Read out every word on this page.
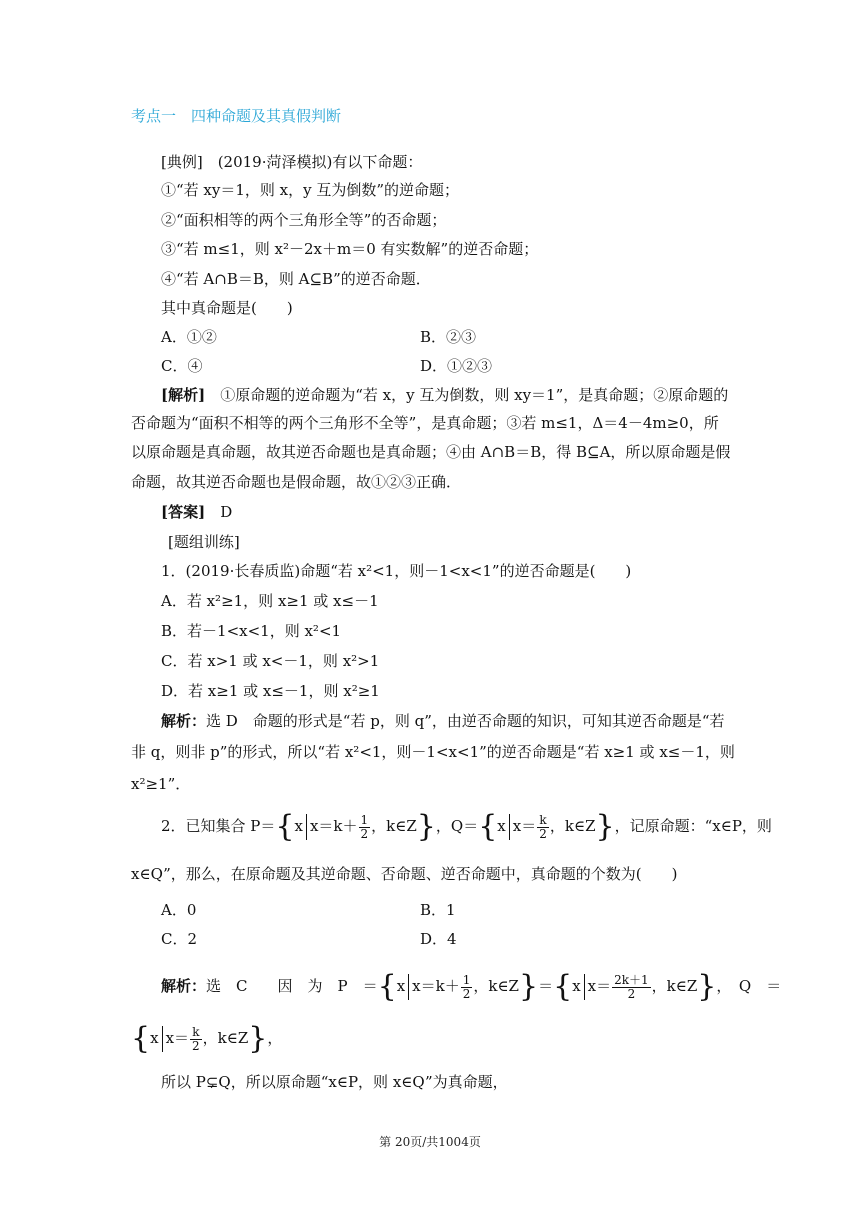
考点一　四种命题及其真假判断
[典例]　(2019·菏泽模拟)有以下命题：
①“若 xy＝1，则 x，y 互为倒数”的逆命题；
②“面积相等的两个三角形全等”的否命题；
③“若 m≤1，则 x²－2x＋m＝0 有实数解”的逆否命题；
④“若 A∩B＝B，则 A⊆B”的逆否命题．
其中真命题是(　　)
A．①②	B．②③
C．④	D．①②③
[解析]　①原命题的逆命题为“若 x，y 互为倒数，则 xy＝1”，是真命题；②原命题的
否命题为“面积不相等的两个三角形不全等”，是真命题；③若 m≤1，Δ＝4－4m≥0，所
以原命题是真命题，故其逆否命题也是真命题；④由 A∩B＝B，得 B⊆A，所以原命题是假
命题，故其逆否命题也是假命题，故①②③正确．
[答案]　D
[题组训练]
1．(2019·长春质监)命题“若 x²<1，则－1<x<1”的逆否命题是(　　)
A．若 x²≥1，则 x≥1 或 x≤－1
B．若－1<x<1，则 x²<1
C．若 x>1 或 x<－1，则 x²>1
D．若 x≥1 或 x≤－1，则 x²≥1
解析：选 D　命题的形式是“若 p，则 q”，由逆否命题的知识，可知其逆否命题是“若
非 q，则非 p”的形式，所以“若 x²<1，则－1<x<1”的逆否命题是“若 x≥1 或 x≤－1，则
x²≥1”．
2．已知集合 P＝{x $x=k+ \frac{1}{2}$ ，k∈Z}，Q＝{x $x= \frac{k}{2}$ ，k∈Z}，记原命题：“x∈P，则
x∈Q”，那么，在原命题及其逆命题、否命题、逆否命题中，真命题的个数为(　　)
A．0	B．1
C．2	D．4
解析：选　C　　因　为　P　＝{x $x=k+ \frac{1}{2}$ ，k∈Z}＝{x $x= \frac{2k+1}{2}$ ，k∈Z}，　Q　＝
{x $x= \frac{k}{2}$ ，k∈Z}，
所以 P⊊Q，所以原命题“x∈P，则 x∈Q”为真命题，
第 20页/共1004页
